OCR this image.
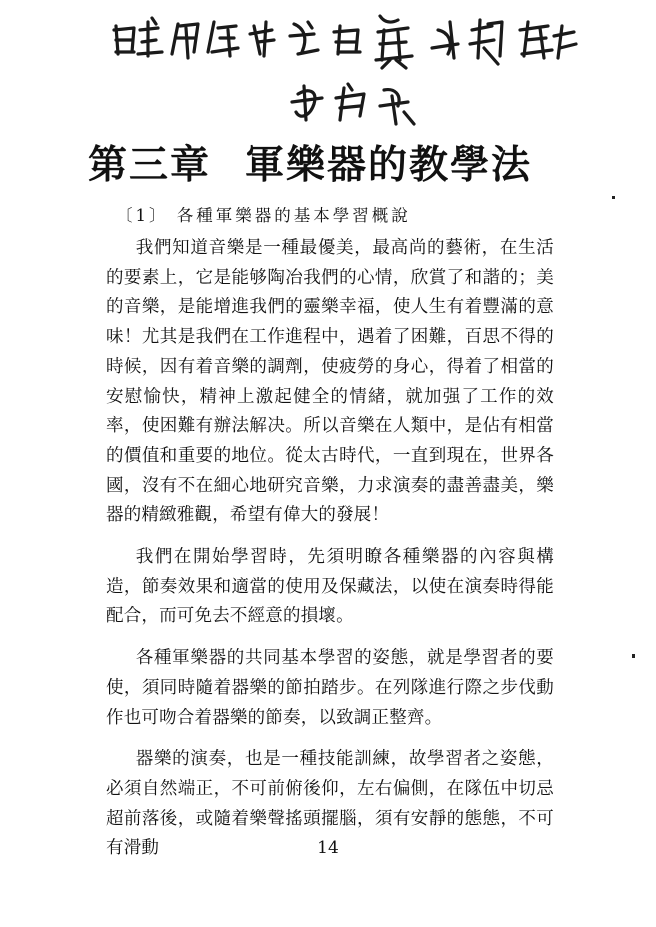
第三章 軍樂器的教學法
〔1〕 各種軍樂器的基本學習概說

我們知道音樂是一種最優美，最高尚的藝術，在生活的要素上，它是能够陶冶我們的心情，欣賞了和諧的；美的音樂，是能增進我們的靈樂幸福，使人生有着豐滿的意味！尤其是我們在工作進程中，遇着了困難，百思不得的時候，因有着音樂的調劑，使疲勞的身心，得着了相當的安慰愉快，精神上激起健全的情緒，就加强了工作的效率，使困難有辦法解决。所以音樂在人類中，是佔有相當的價值和重要的地位。從太古時代，一直到現在，世界各國，沒有不在細心地研究音樂，力求演奏的盡善盡美，樂器的精緻雅觀，希望有偉大的發展！

我們在開始學習時，先須明瞭各種樂器的內容與構造，節奏效果和適當的使用及保藏法，以使在演奏時得能配合，而可免去不經意的損壞。

各種軍樂器的共同基本學習的姿態，就是學習者的要使，須同時隨着器樂的節拍踏步。在列隊進行際之步伐動作也可吻合着器樂的節奏，以致調正整齊。

器樂的演奏，也是一種技能訓練，故學習者之姿態，必須自然端正，不可前俯後仰，左右偏側，在隊伍中切忌超前落後，或隨着樂聲搖頭擺腦，須有安靜的態態，不可有滑動	14
